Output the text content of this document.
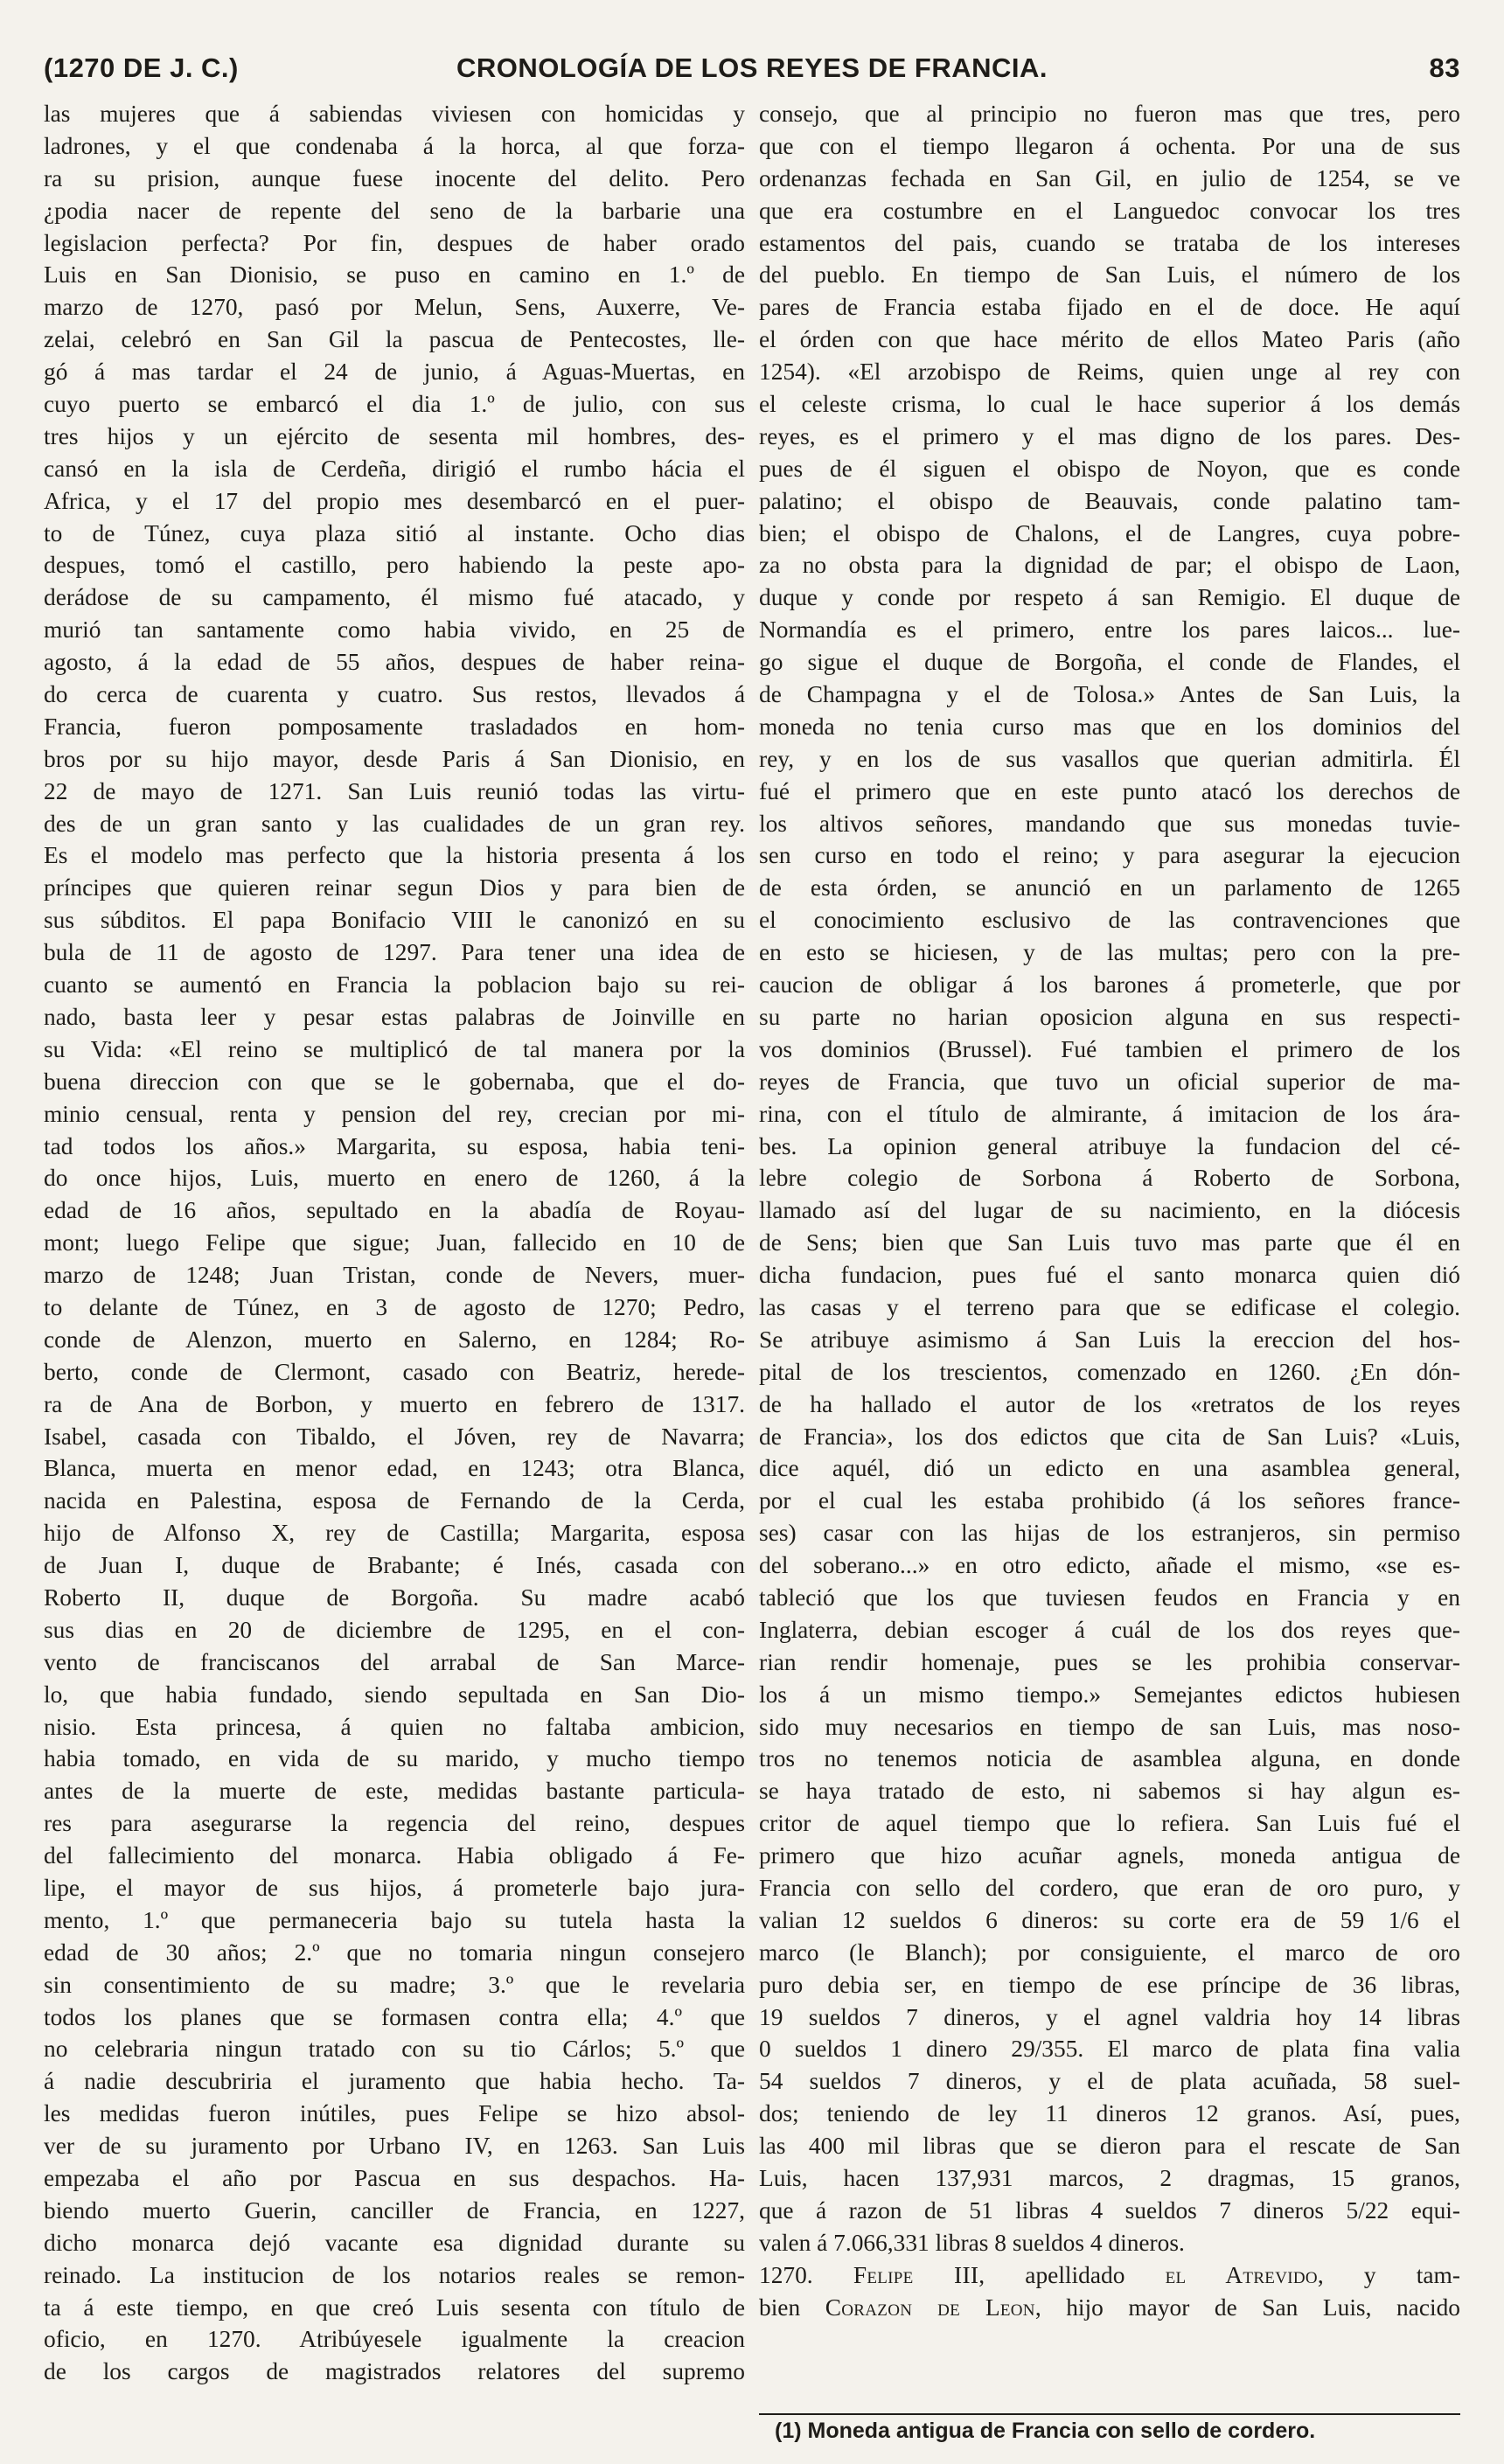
(1270 DE J. C.)	CRONOLOGÍA DE LOS REYES DE FRANCIA.	83
las mujeres que á sabiendas viviesen con homicidas y
ladrones, y el que condenaba á la horca, al que forza-
ra su prision, aunque fuese inocente del delito. Pero
¿podia nacer de repente del seno de la barbarie una
legislacion perfecta? Por fin, despues de haber orado
Luis en San Dionisio, se puso en camino en 1.º de
marzo de 1270, pasó por Melun, Sens, Auxerre, Ve-
zelai, celebró en San Gil la pascua de Pentecostes, lle-
gó á mas tardar el 24 de junio, á Aguas-Muertas, en
cuyo puerto se embarcó el dia 1.º de julio, con sus
tres hijos y un ejército de sesenta mil hombres, des-
cansó en la isla de Cerdeña, dirigió el rumbo hácia el
Africa, y el 17 del propio mes desembarcó en el puer-
to de Túnez, cuya plaza sitió al instante. Ocho dias
despues, tomó el castillo, pero habiendo la peste apo-
derádose de su campamento, él mismo fué atacado, y
murió tan santamente como habia vivido, en 25 de
agosto, á la edad de 55 años, despues de haber reina-
do cerca de cuarenta y cuatro. Sus restos, llevados á
Francia, fueron pomposamente trasladados en hom-
bros por su hijo mayor, desde Paris á San Dionisio, en
22 de mayo de 1271. San Luis reunió todas las virtu-
des de un gran santo y las cualidades de un gran rey.
Es el modelo mas perfecto que la historia presenta á los
príncipes que quieren reinar segun Dios y para bien de
sus súbditos. El papa Bonifacio VIII le canonizó en su
bula de 11 de agosto de 1297. Para tener una idea de
cuanto se aumentó en Francia la poblacion bajo su rei-
nado, basta leer y pesar estas palabras de Joinville en
su Vida: «El reino se multiplicó de tal manera por la
buena direccion con que se le gobernaba, que el do-
minio censual, renta y pension del rey, crecian por mi-
tad todos los años.» Margarita, su esposa, habia teni-
do once hijos, Luis, muerto en enero de 1260, á la
edad de 16 años, sepultado en la abadía de Royau-
mont; luego Felipe que sigue; Juan, fallecido en 10 de
marzo de 1248; Juan Tristan, conde de Nevers, muer-
to delante de Túnez, en 3 de agosto de 1270; Pedro,
conde de Alenzon, muerto en Salerno, en 1284; Ro-
berto, conde de Clermont, casado con Beatriz, herede-
ra de Ana de Borbon, y muerto en febrero de 1317.
Isabel, casada con Tibaldo, el Jóven, rey de Navarra;
Blanca, muerta en menor edad, en 1243; otra Blanca,
nacida en Palestina, esposa de Fernando de la Cerda,
hijo de Alfonso X, rey de Castilla; Margarita, esposa
de Juan I, duque de Brabante; é Inés, casada con
Roberto II, duque de Borgoña. Su madre acabó
sus dias en 20 de diciembre de 1295, en el con-
vento de franciscanos del arrabal de San Marce-
lo, que habia fundado, siendo sepultada en San Dio-
nisio. Esta princesa, á quien no faltaba ambicion,
habia tomado, en vida de su marido, y mucho tiempo
antes de la muerte de este, medidas bastante particula-
res para asegurarse la regencia del reino, despues
del fallecimiento del monarca. Habia obligado á Fe-
lipe, el mayor de sus hijos, á prometerle bajo jura-
mento, 1.º que permaneceria bajo su tutela hasta la
edad de 30 años; 2.º que no tomaria ningun consejero
sin consentimiento de su madre; 3.º que le revelaria
todos los planes que se formasen contra ella; 4.º que
no celebraria ningun tratado con su tio Cárlos; 5.º que
á nadie descubriria el juramento que habia hecho. Ta-
les medidas fueron inútiles, pues Felipe se hizo absol-
ver de su juramento por Urbano IV, en 1263. San Luis
empezaba el año por Pascua en sus despachos. Ha-
biendo muerto Guerin, canciller de Francia, en 1227,
dicho monarca dejó vacante esa dignidad durante su
reinado. La institucion de los notarios reales se remon-
ta á este tiempo, en que creó Luis sesenta con título de
oficio, en 1270. Atribúyesele igualmente la creacion
de los cargos de magistrados relatores del supremo
consejo, que al principio no fueron mas que tres, pero
que con el tiempo llegaron á ochenta. Por una de sus
ordenanzas fechada en San Gil, en julio de 1254, se ve
que era costumbre en el Languedoc convocar los tres
estamentos del pais, cuando se trataba de los intereses
del pueblo. En tiempo de San Luis, el número de los
pares de Francia estaba fijado en el de doce. He aquí
el órden con que hace mérito de ellos Mateo Paris (año
1254). «El arzobispo de Reims, quien unge al rey con
el celeste crisma, lo cual le hace superior á los demás
reyes, es el primero y el mas digno de los pares. Des-
pues de él siguen el obispo de Noyon, que es conde
palatino; el obispo de Beauvais, conde palatino tam-
bien; el obispo de Chalons, el de Langres, cuya pobre-
za no obsta para la dignidad de par; el obispo de Laon,
duque y conde por respeto á san Remigio. El duque de
Normandía es el primero, entre los pares laicos... lue-
go sigue el duque de Borgoña, el conde de Flandes, el
de Champagna y el de Tolosa.» Antes de San Luis, la
moneda no tenia curso mas que en los dominios del
rey, y en los de sus vasallos que querian admitirla. Él
fué el primero que en este punto atacó los derechos de
los altivos señores, mandando que sus monedas tuvie-
sen curso en todo el reino; y para asegurar la ejecucion
de esta órden, se anunció en un parlamento de 1265
el conocimiento esclusivo de las contravenciones que
en esto se hiciesen, y de las multas; pero con la pre-
caucion de obligar á los barones á prometerle, que por
su parte no harian oposicion alguna en sus respecti-
vos dominios (Brussel). Fué tambien el primero de los
reyes de Francia, que tuvo un oficial superior de ma-
rina, con el título de almirante, á imitacion de los ára-
bes. La opinion general atribuye la fundacion del cé-
lebre colegio de Sorbona á Roberto de Sorbona,
llamado así del lugar de su nacimiento, en la diócesis
de Sens; bien que San Luis tuvo mas parte que él en
dicha fundacion, pues fué el santo monarca quien dió
las casas y el terreno para que se edificase el colegio.
Se atribuye asimismo á San Luis la ereccion del hos-
pital de los trescientos, comenzado en 1260. ¿En dón-
de ha hallado el autor de los «retratos de los reyes
de Francia», los dos edictos que cita de San Luis? «Luis,
dice aquél, dió un edicto en una asamblea general,
por el cual les estaba prohibido (á los señores france-
ses) casar con las hijas de los estranjeros, sin permiso
del soberano...» en otro edicto, añade el mismo, «se es-
tableció que los que tuviesen feudos en Francia y en
Inglaterra, debian escoger á cuál de los dos reyes que-
rian rendir homenaje, pues se les prohibia conservar-
los á un mismo tiempo.» Semejantes edictos hubiesen
sido muy necesarios en tiempo de san Luis, mas noso-
tros no tenemos noticia de asamblea alguna, en donde
se haya tratado de esto, ni sabemos si hay algun es-
critor de aquel tiempo que lo refiera. San Luis fué el
primero que hizo acuñar agnels, moneda antigua de
Francia con sello del cordero, que eran de oro puro, y
valian 12 sueldos 6 dineros: su corte era de 59 1/6 el
marco (le Blanch); por consiguiente, el marco de oro
puro debia ser, en tiempo de ese príncipe de 36 libras,
19 sueldos 7 dineros, y el agnel valdria hoy 14 libras
0 sueldos 1 dinero 29/355. El marco de plata fina valia
54 sueldos 7 dineros, y el de plata acuñada, 58 suel-
dos; teniendo de ley 11 dineros 12 granos. Así, pues,
las 400 mil libras que se dieron para el rescate de San
Luis, hacen 137,931 marcos, 2 dragmas, 15 granos,
que á razon de 51 libras 4 sueldos 7 dineros 5/22 equi-
valen á 7.066,331 libras 8 sueldos 4 dineros.
1270. Felipe III, apellidado el Atrevido, y tam-
bien Corazon de Leon, hijo mayor de San Luis, nacido
(1) Moneda antigua de Francia con sello de cordero.
